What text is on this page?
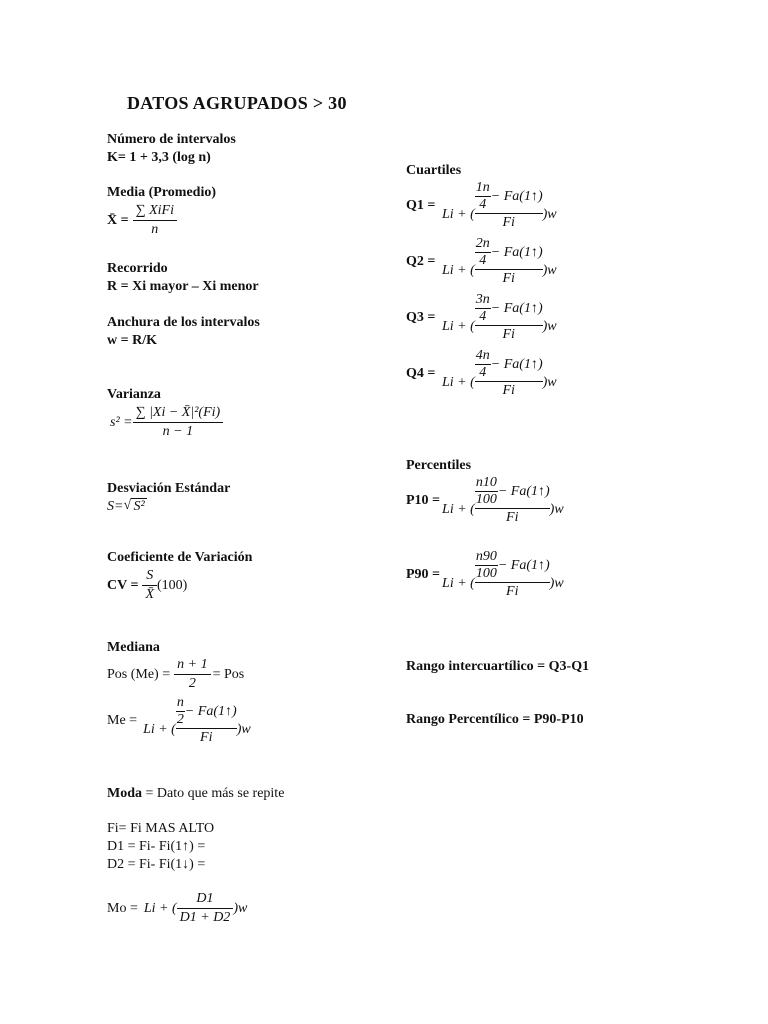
DATOS AGRUPADOS > 30
Número de intervalos
K= 1 + 3,3 (log n)
Media (Promedio)
X̄ = $\frac{\text{∑ XiFi}}{n}$
Recorrido
R = Xi mayor – Xi menor
Anchura de los intervalos
w = R/K
Varianza
$s^2 = \frac{\text{∑ |Xi − X̄|²(Fi)}}{n - 1}$
Desviación Estándar
S= √ S²
Coeficiente de Variación
CV = $\frac{S}{X̄} (100)$
Mediana
Pos $(Me) = \frac{n + 1}{2}$ = Pos
Me =
Li + (
$\frac{n}{2}$ − Fa(1↑)
Fi
)w
Moda = Dato que más se repite
Fi= Fi MAS ALTO
D1 = Fi- Fi(1↑) =
D2 = Fi- Fi(1↓) =
Mo = Li + ( $\frac{D1}{D1 + D2} )w$
Cuartiles
Q1 =
Li + (
$\frac{1n}{4}$ − Fa(1↑)
Fi
)w
Q2 =
Li + (
$\frac{2n}{4}$ − Fa(1↑)
Fi
)w
Q3 =
Li + (
$\frac{3n}{4}$ − Fa(1↑)
Fi
)w
Q4 =
Li + (
$\frac{4n}{4}$ − Fa(1↑)
Fi
)w
Percentiles
P10 =
Li + (
$\frac{n10}{100}$ − Fa(1↑)
Fi
)w
P90 =
Li + (
$\frac{n90}{100}$ − Fa(1↑)
Fi
)w
Rango intercuartílico = Q3-Q1
Rango Percentílico = P90-P10
